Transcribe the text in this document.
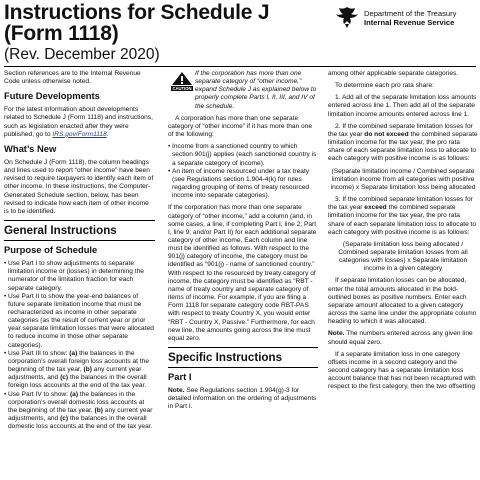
Instructions for Schedule J
(Form 1118)
(Rev. December 2020)
Department of the Treasury
Internal Revenue Service

Section references are to the Internal Revenue Code unless otherwise noted.

Future Developments

For the latest information about developments related to Schedule J (Form 1118) and instructions, such as legislation enacted after they were published, go to IRS.gov/Form1118.

What’s New

On Schedule J (Form 1118), the column headings and lines used to report “other income” have been revised to require taxpayers to identify each item of other income. In these instructions, the Computer-Generated Schedule section, below, has been revised to indicate how each item of other income is to be identified.

General Instructions
Purpose of Schedule
• Use Part I to show adjustments to separate limitation income or (losses) in determining the numerator of the limitation fraction for each separate category.
• Use Part II to show the year-end balances of future separate limitation income that must be recharacterized as income in other separate categories (as the result of current year or prior year separate limitation losses that were allocated to reduce income in those other separate categories).
• Use Part III to show: (a) the balances in the corporation’s overall foreign loss accounts at the beginning of the tax year, (b) any current year adjustments, and (c) the balances in the overall foreign loss accounts at the end of the tax year.
• Use Part IV to show: (a) the balances in the corporation’s overall domestic loss accounts at the beginning of the tax year, (b) any current year adjustments, and (c) the balances in the overall domestic loss accounts at the end of the tax year.
CAUTION

If the corporation has more than one separate category of “other income,” expand Schedule J as explained below to properly complete Parts I, II, III, and IV of the schedule.

A corporation has more than one separate category of “other income” if it has more than one of the following:

• Income from a sanctioned country to which section 901(j) applies (each sanctioned country is a separate category of income).
• An item of income resourced under a tax treaty (see Regulations section 1.904-4(k) for rules regarding grouping of items of treaty resourced income into separate categories).

If the corporation has more than one separate category of “other income,” add a column (and, in some cases, a line, if completing Part I, line 2; Part I, line 9; and/or Part II) for each additional separate category of other income. Each column and line must be identified as follows. With respect to the 901(j) category of income, the category must be identified as “901(j) - name of sanctioned country.” With respect to the resourced by treaty category of income, the category must be identified as “RBT - name of treaty country and separate category of items of income. For example, if you are filing a Form 1118 for separate category code RBT-PAS with respect to treaty Country X, you would enter “RBT - Country X, Passive.” Furthermore, for each new line, the amounts going across the line must equal zero.

Specific Instructions
Part I

Note. See Regulations section 1.904(g)-3 for detailed information on the ordering of adjustments in Part I.

among other applicable separate categories.

To determine each pro rata share:

1. Add all of the separate limitation loss amounts entered across line 1. Then add all of the separate limitation income amounts entered across line 1.

2. If the combined separate limitation losses for the tax year do not exceed the combined separate limitation income for the tax year, the pro rata share of each separate limitation loss to allocate to each category with positive income is as follows:

(Separate limitation income / Combined separate limitation income from all categories with positive income) x Separate limitation loss being allocated

3. If the combined separate limitation losses for the tax year exceed the combined separate limitation income for the tax year, the pro rata share of each separate limitation loss to allocate to each category with positive income is as follows:

(Separate limitation loss being allocated / Combined separate limitation losses from all categories with losses) x Separate limitation income in a given category

If separate limitation losses can be allocated, enter the total amounts allocated in the bold-outlined boxes as positive numbers. Enter each separate amount allocated to a given category across the same line under the appropriate column heading to which it was allocated.

Note. The numbers entered across any given line should equal zero.

If a separate limitation loss in one category offsets income in a second category and the second category has a separate limitation loss account balance that has not been recaptured with respect to the first category, then the two offsetting
